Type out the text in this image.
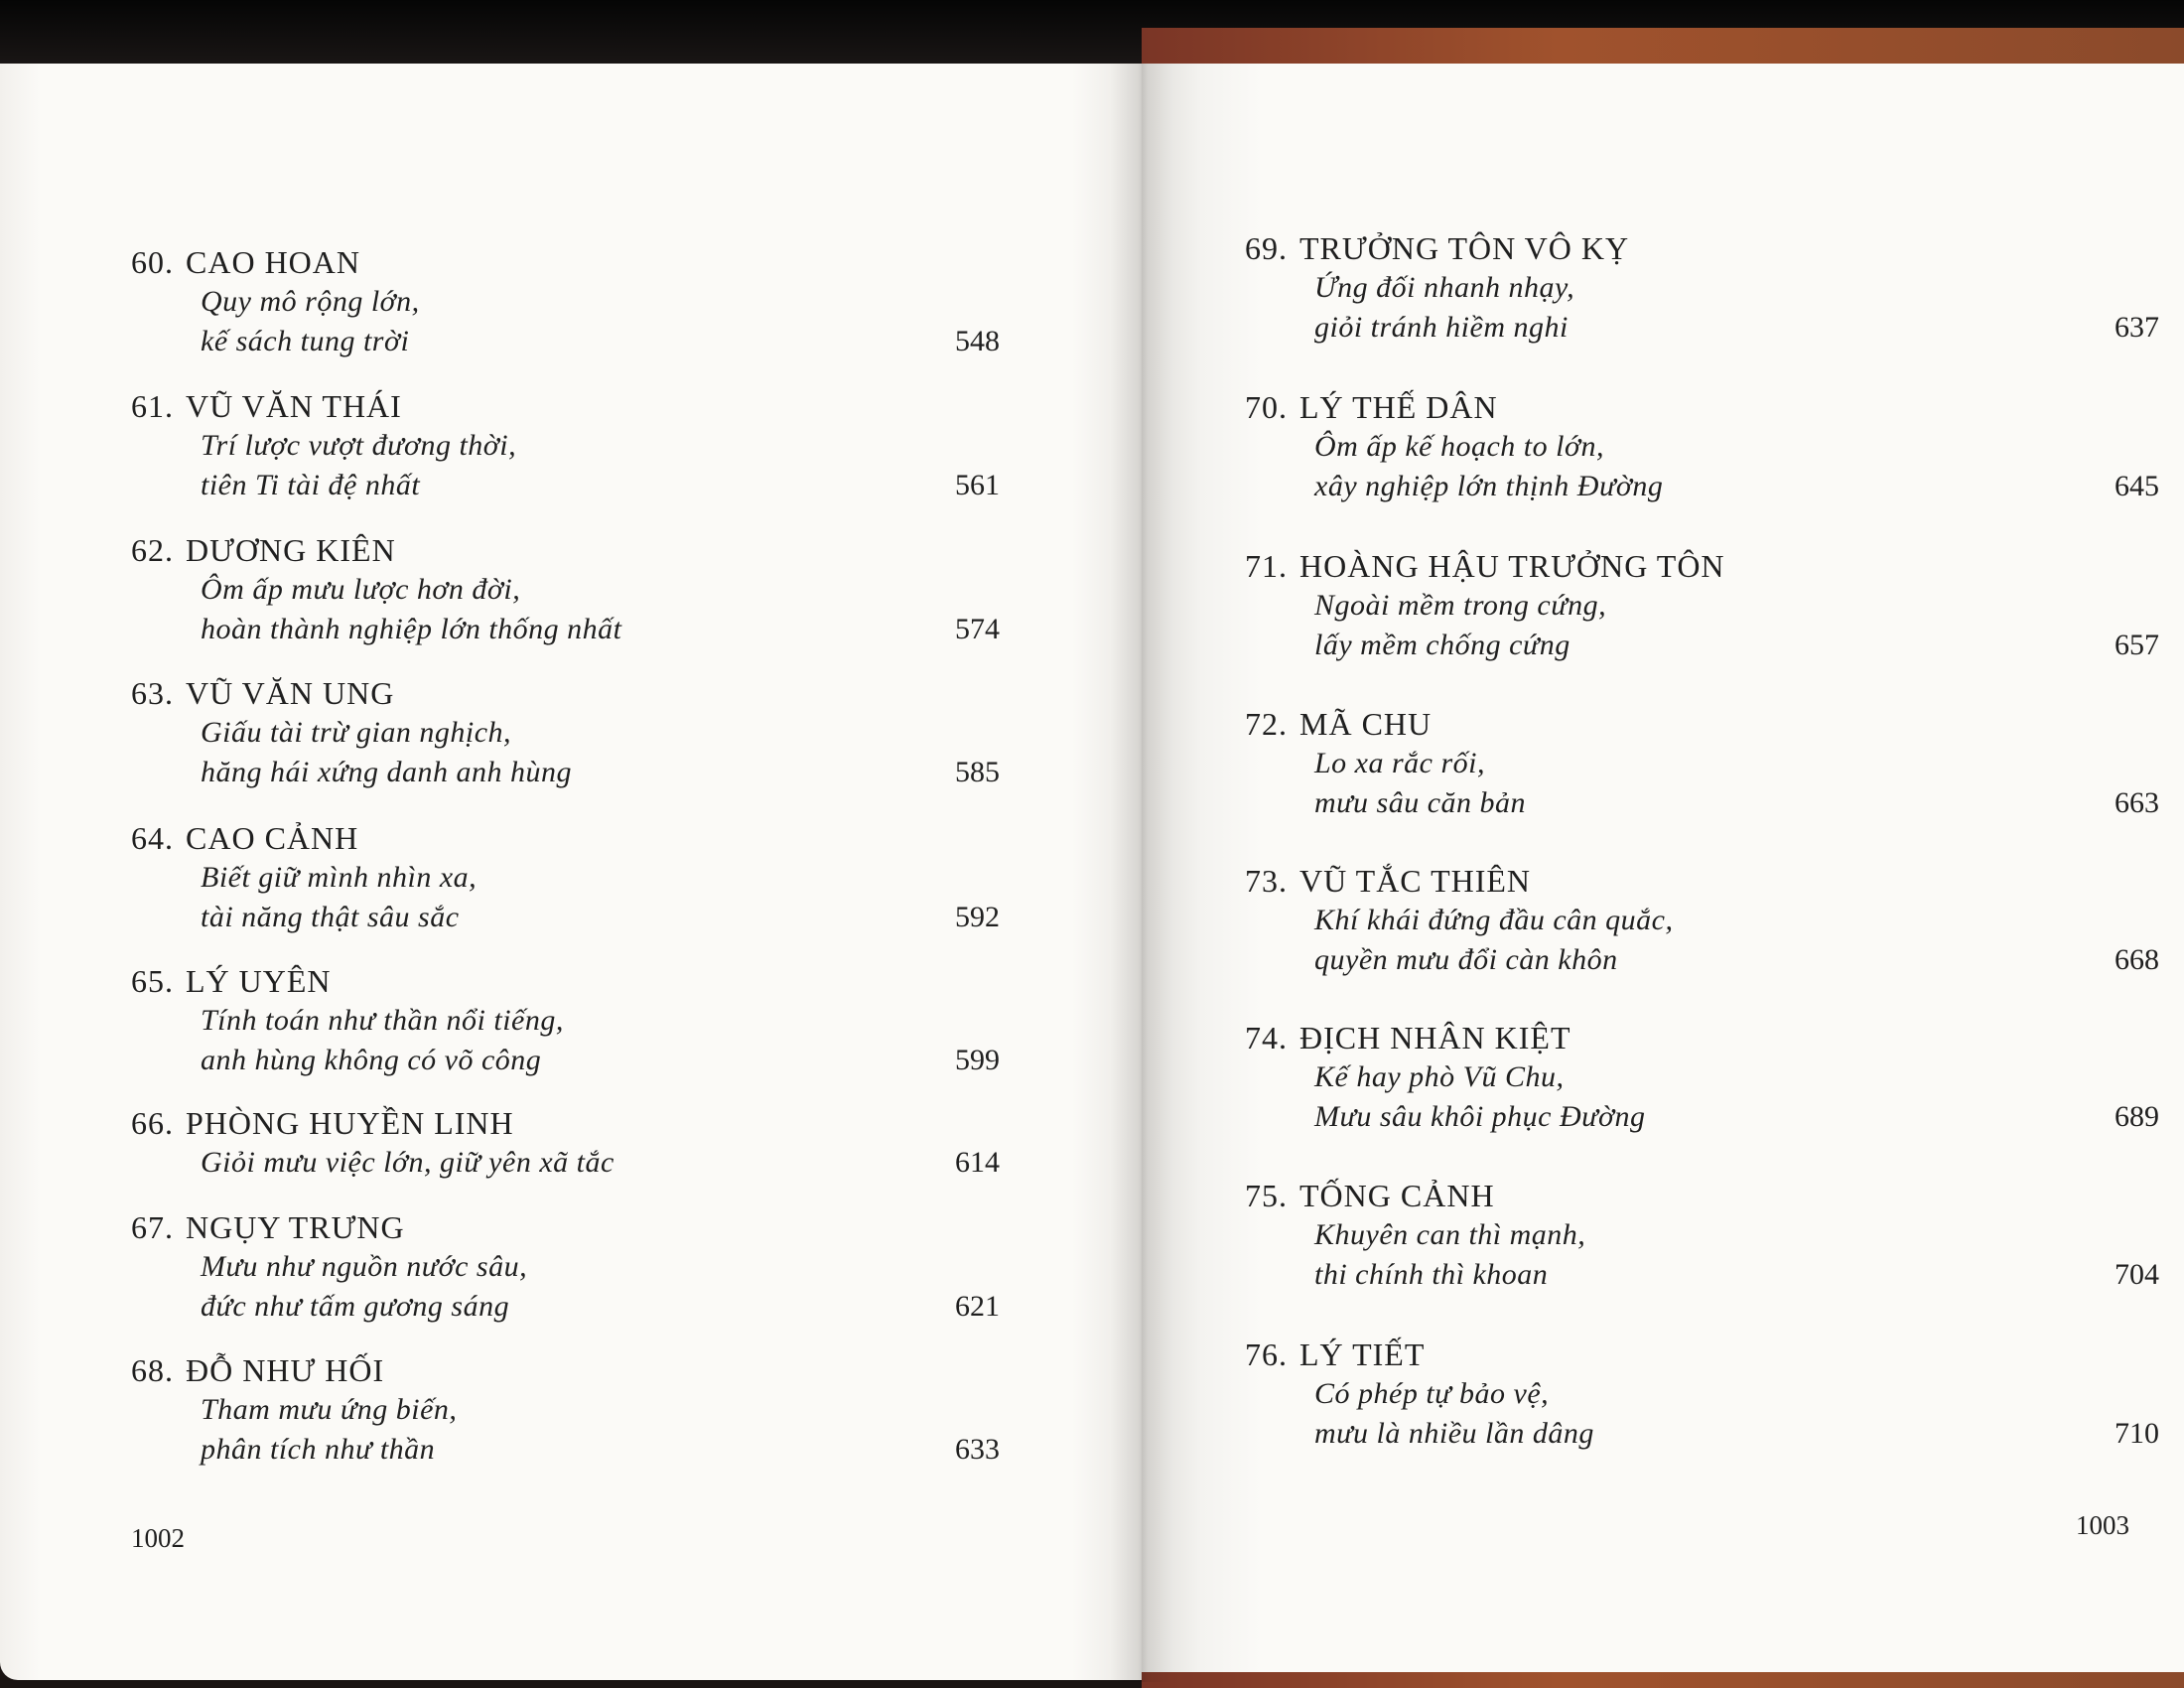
60. CAO HOAN
Quy mô rộng lớn,
kế sách tung trời	548
61. VŨ VĂN THÁI
Trí lược vượt đương thời,
tiên Ti tài đệ nhất	561
62. DƯƠNG KIÊN
Ôm ấp mưu lược hơn đời,
hoàn thành nghiệp lớn thống nhất	574
63. VŨ VĂN UNG
Giấu tài trừ gian nghịch,
hăng hái xứng danh anh hùng	585
64. CAO CẢNH
Biết giữ mình nhìn xa,
tài năng thật sâu sắc	592
65. LÝ UYÊN
Tính toán như thần nổi tiếng,
anh hùng không có võ công	599
66. PHÒNG HUYỀN LINH
Giỏi mưu việc lớn, giữ yên xã tắc	614
67. NGỤY TRƯNG
Mưu như nguồn nước sâu,
đức như tấm gương sáng	621
68. ĐỖ NHƯ HỐI
Tham mưu ứng biến,
phân tích như thần	633
1002
69. TRƯỞNG TÔN VÔ KỴ
Ứng đối nhanh nhạy,
giỏi tránh hiềm nghi	637
70. LÝ THẾ DÂN
Ôm ấp kế hoạch to lớn,
xây nghiệp lớn thịnh Đường	645
71. HOÀNG HẬU TRƯỞNG TÔN
Ngoài mềm trong cứng,
lấy mềm chống cứng	657
72. MÃ CHU
Lo xa rắc rối,
mưu sâu căn bản	663
73. VŨ TẮC THIÊN
Khí khái đứng đầu cân quắc,
quyền mưu đổi càn khôn	668
74. ĐỊCH NHÂN KIỆT
Kế hay phò Vũ Chu,
Mưu sâu khôi phục Đường	689
75. TỐNG CẢNH
Khuyên can thì mạnh,
thi chính thì khoan	704
76. LÝ TIẾT
Có phép tự bảo vệ,
mưu là nhiều lần dâng	710
1003
